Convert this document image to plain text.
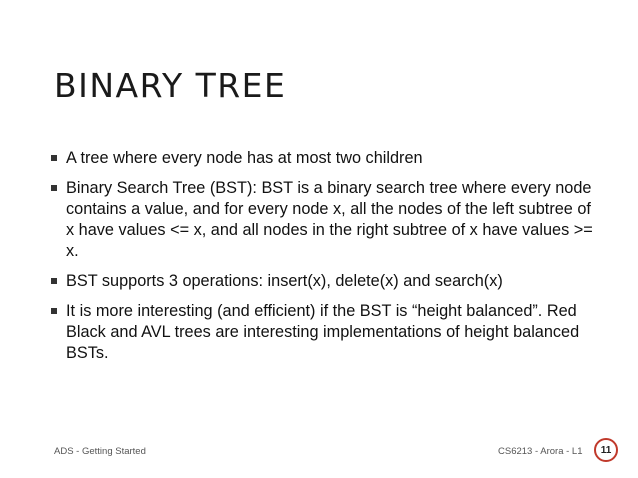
BINARY TREE
A tree where every node has at most two children
Binary Search Tree (BST): BST is a binary search tree where every node contains a value, and for every node x, all the nodes of the left subtree of x have values <= x, and all nodes in the right subtree of x have values >= x.
BST supports 3 operations: insert(x), delete(x) and search(x)
It is more interesting (and efficient) if the BST is “height balanced”. Red Black and AVL trees are interesting implementations of height balanced BSTs.
ADS - Getting Started	CS6213 - Arora - L1	11
